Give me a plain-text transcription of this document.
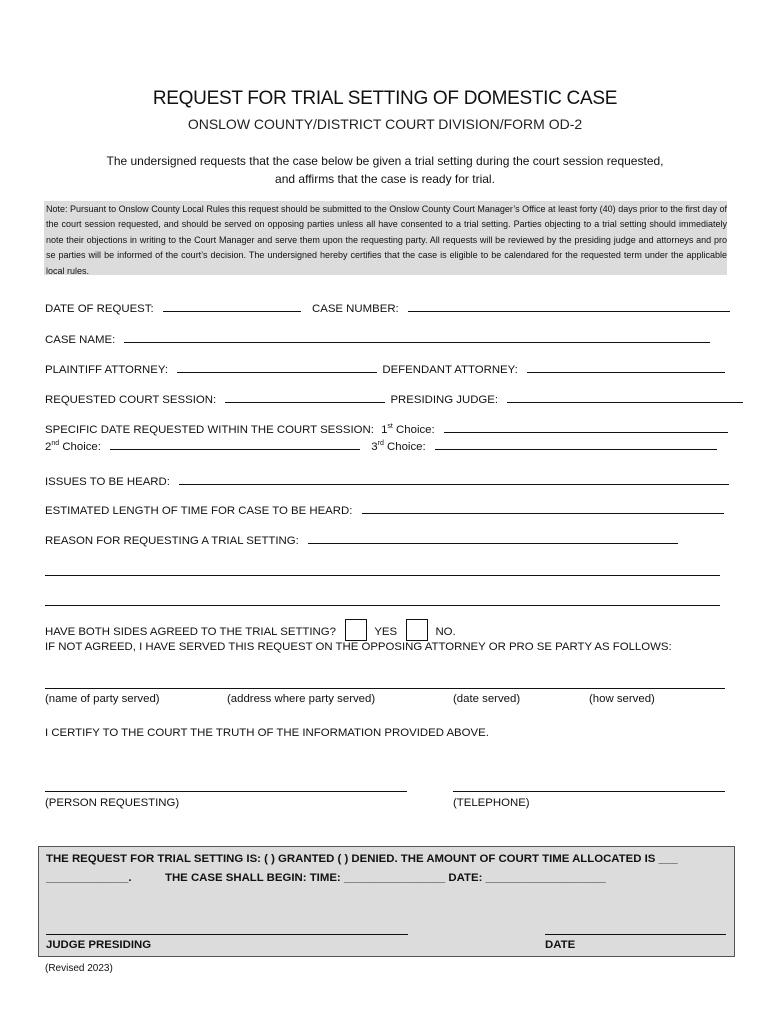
REQUEST FOR TRIAL SETTING OF DOMESTIC CASE
ONSLOW COUNTY/DISTRICT COURT DIVISION/FORM OD-2
The undersigned requests that the case below be given a trial setting during the court session requested,
and affirms that the case is ready for trial.
Note: Pursuant to Onslow County Local Rules this request should be submitted to the Onslow County Court Manager’s Office at least forty (40) days prior to the first day of the court session requested, and should be served on opposing parties unless all have consented to a trial setting. Parties objecting to a trial setting should immediately note their objections in writing to the Court Manager and serve them upon the requesting party. All requests will be reviewed by the presiding judge and attorneys and pro se parties will be informed of the court’s decision. The undersigned hereby certifies that the case is eligible to be calendared for the requested term under the applicable local rules.
DATE OF REQUEST:	CASE NUMBER:
CASE NAME:
PLAINTIFF ATTORNEY:	DEFENDANT ATTORNEY:
REQUESTED COURT SESSION:	PRESIDING JUDGE:
SPECIFIC DATE REQUESTED WITHIN THE COURT SESSION: 1st Choice:
2nd Choice:	3rd Choice:
ISSUES TO BE HEARD:
ESTIMATED LENGTH OF TIME FOR CASE TO BE HEARD:
REASON FOR REQUESTING A TRIAL SETTING:
HAVE BOTH SIDES AGREED TO THE TRIAL SETTING?	YES	NO.
IF NOT AGREED, I HAVE SERVED THIS REQUEST ON THE OPPOSING ATTORNEY OR PRO SE PARTY AS FOLLOWS:
(name of party served)	(address where party served)	(date served)	(how served)
I CERTIFY TO THE COURT THE TRUTH OF THE INFORMATION PROVIDED ABOVE.
(PERSON REQUESTING)	(TELEPHONE)
THE REQUEST FOR TRIAL SETTING IS: ( ) GRANTED ( ) DENIED. THE AMOUNT OF COURT TIME ALLOCATED IS ___
_____________.	THE CASE SHALL BEGIN: TIME: ________________ DATE: ___________________
JUDGE PRESIDING	DATE
(Revised 2023)
